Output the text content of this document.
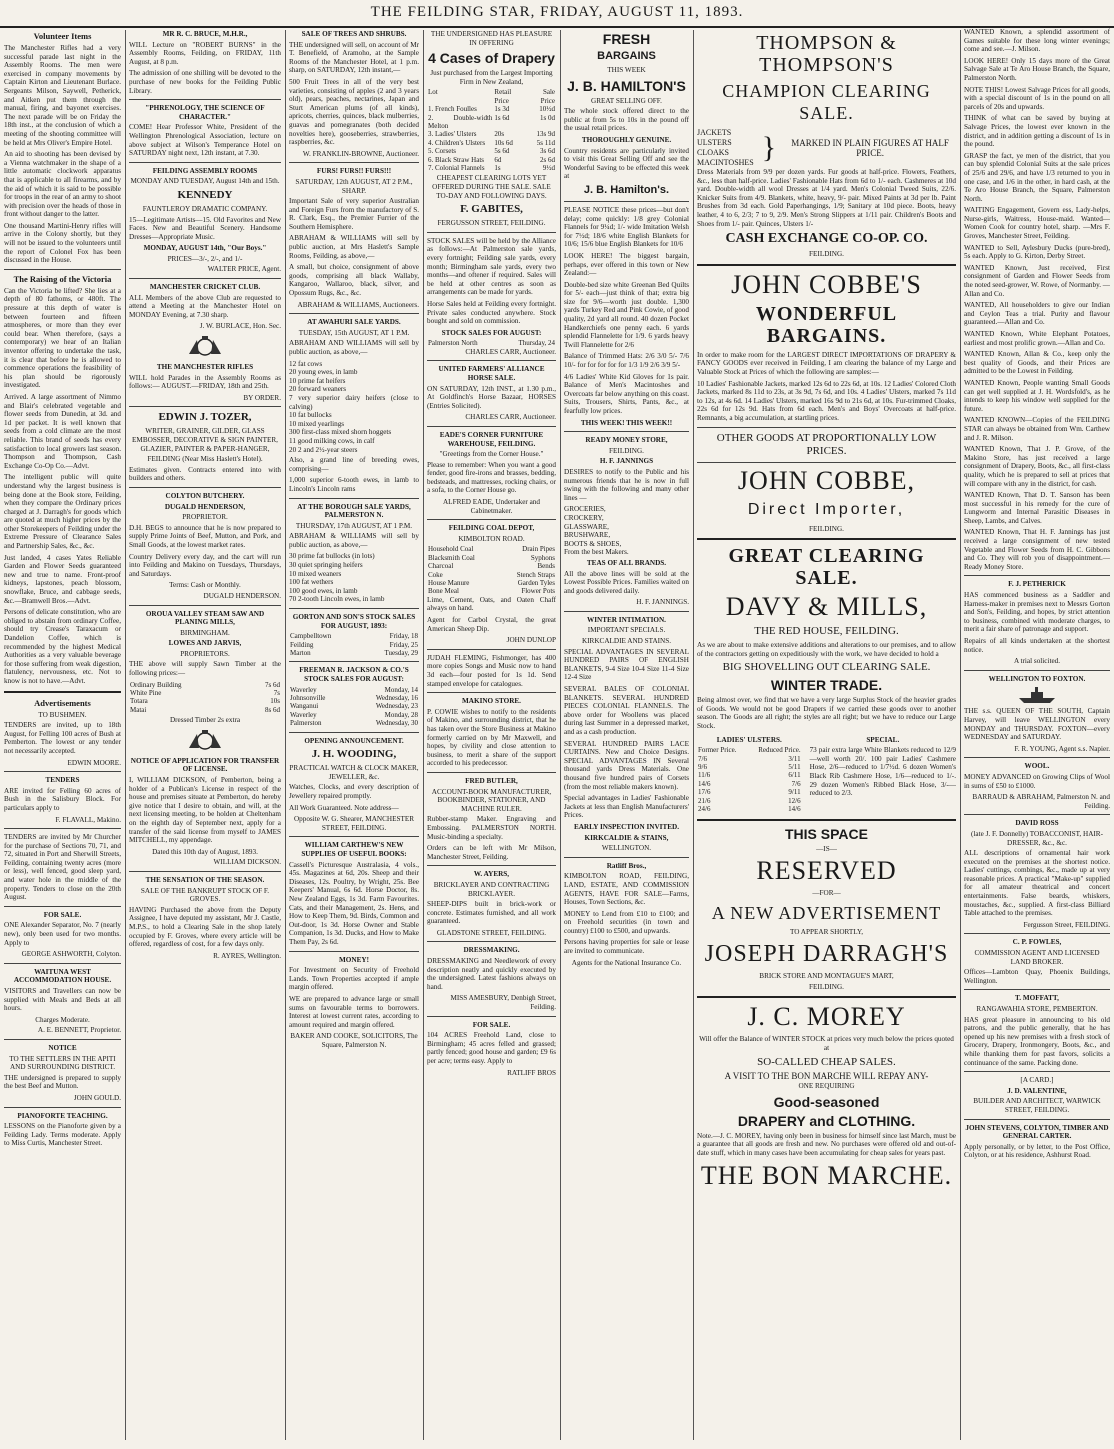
THE FEILDING STAR, FRIDAY, AUGUST 11, 1893.
Volunteer Items

The Manchester Rifles had a very successful parade last night in the Assembly Rooms. The men were exercised in company movements by Captain Kirton and Lieutenant Burlace. Sergeants Milson, Saywell, Petherick, and Aitken put them through the manual, firing, and bayonet exercises. The next parade will be on Friday the 18th inst., at the conclusion of which a meeting of the shooting committee will be held at Mrs Oliver's Empire Hotel.

An aid to shooting has been devised by a Vienna watchmaker in the shape of a little automatic clockwork apparatus that is applicable to all firearms, and by the aid of which it is said to be possible for troops in the rear of an army to shoot with precision over the heads of those in front without danger to the latter.

One thousand Martini-Henry rifles will arrive in the Colony shortly, but they will not be issued to the volunteers until the report of Colonel Fox has been discussed in the House.

The Raising of the Victoria

Can the Victoria be lifted? She lies at a depth of 80 fathoms, or 480ft. The pressure at this depth of water is between fourteen and fifteen atmospheres, or more than they ever could bear. When therefore, (says a contemporary) we hear of an Italian inventor offering to undertake the task, it is clear that before he is allowed to commence operations the feasibility of his plan should be rigorously investigated.

Arrived. A large assortment of Nimmo and Blair's celebrated vegetable and flower seeds from Dunedin, at 3d. and 1d per packet. It is well known that seeds from a cold climate are the most reliable. This brand of seeds has every satisfaction to local growers last season. Thompson and Thompson, Cash Exchange Co-Op Co.—Advt.

The intelligent public will quite understand why the largest business is being done at the Book store, Feilding, when they compare the Ordinary prices charged at J. Darragh's for goods which are quoted at much higher prices by the other Storekeepers of Feilding under the Extreme Pressure of Clearance Sales and Partnership Sales, &c., &c.

Just landed, 4 cases Yates Reliable Garden and Flower Seeds guaranteed new and true to name. Front-proof kidneys, lapstones, peach blossom, snowflake, Bruce, and cabbage seeds, &c.—Bramwell Bros.—Advt.

Persons of delicate constitution, who are obliged to abstain from ordinary Coffee, should try Crease's Taraxacum or Dandelion Coffee, which is recommended by the highest Medical Authorities as a very valuable beverage for those suffering from weak digestion, flatulency, nervousness, etc. Not to know is not to have.—Advt.

Advertisements
TO BUSHMEN.

TENDERS are invited, up to 18th August, for Felling 100 acres of Bush at Pemberton. The lowest or any tender not necessarily accepted.

EDWIN MOORE.
TENDERS

ARE invited for Felling 60 acres of Bush in the Salisbury Block. For particulars apply to

F. FLAVALL, Makino.

TENDERS are invited by Mr Churcher for the purchase of Sections 70, 71, and 72, situated in Port and Sherwill Streets, Feilding, containing twenty acres (more or less), well fenced, good sleep yard, and water hole in the middle of the property. Tenders to close on the 20th August.

FOR SALE.

ONE Alexander Separator, No. 7 (nearly new), only been used for two months. Apply to

GEORGE ASHWORTH, Colyton.
WAITUNA WEST ACCOMMODATION HOUSE.

VISITORS and Travellers can now be supplied with Meals and Beds at all hours.

Charges Moderate.
A. E. BENNETT, Proprietor.
NOTICE
TO THE SETTLERS IN THE APITI AND SURROUNDING DISTRICT.

THE undersigned is prepared to supply the best Beef and Mutton.

JOHN GOULD.
PIANOFORTE TEACHING.

LESSONS on the Pianoforte given by a Feilding Lady. Terms moderate. Apply to Miss Curtis, Manchester Street.

MR R. C. BRUCE, M.H.R.,

WILL Lecture on "ROBERT BURNS" in the Assembly Rooms, Feilding, on FRIDAY, 11th August, at 8 p.m.

The admission of one shilling will be devoted to the purchase of new books for the Feilding Public Library.

"PHRENOLOGY, THE SCIENCE OF CHARACTER."

COME! Hear Professor White, President of the Wellington Phrenological Association, lecture on above subject at Wilson's Temperance Hotel on SATURDAY night next, 12th instant, at 7.30.

FEILDING ASSEMBLY ROOMS
MONDAY AND TUESDAY, August 14th and 15th.
KENNEDY
FAUNTLEROY DRAMATIC COMPANY.

15—Legitimate Artists—15. Old Favorites and New Faces. New and Beautiful Scenery. Handsome Dresses—Appropriate Music.

MONDAY, AUGUST 14th, "Our Boys."
PRICES—3/-, 2/-, and 1/-
WALTER PRICE, Agent.
MANCHESTER CRICKET CLUB.

ALL Members of the above Club are requested to attend a Meeting at the Manchester Hotel on MONDAY Evening, at 7.30 sharp.

J. W. BURLACE, Hon. Sec.
THE MANCHESTER RIFLES

WILL hold Parades in the Assembly Rooms as follows:— AUGUST.—FRIDAY, 18th and 25th.

BY ORDER.
EDWIN J. TOZER,
WRITER, GRAINER, GILDER, GLASS EMBOSSER, DECORATIVE & SIGN PAINTER, GLAZIER, PAINTER & PAPER-HANGER,
FEILDING (Near Miss Haslett's Hotel).

Estimates given. Contracts entered into with builders and others.

COLYTON BUTCHERY.
DUGALD HENDERSON,
PROPRIETOR.

D.H. BEGS to announce that he is now prepared to supply Prime Joints of Beef, Mutton, and Pork, and Small Goods, at the lowest market rates.

Country Delivery every day, and the cart will run into Feilding and Makino on Tuesdays, Thursdays, and Saturdays.

Terms: Cash or Monthly.
DUGALD HENDERSON.
OROUA VALLEY STEAM SAW AND PLANING MILLS,
BIRMINGHAM.
LOWES AND JARVIS,
PROPRIETORS.

THE above will supply Sawn Timber at the following prices:—

Ordinary Building	7s 6d
White Pine	7s
Totara	10s
Matai	8s 6d
Dressed Timber 2s extra
NOTICE OF APPLICATION FOR TRANSFER OF LICENSE.

I, WILLIAM DICKSON, of Pemberton, being a holder of a Publican's License in respect of the house and premises situate at Pemberton, do hereby give notice that I desire to obtain, and will, at the next licensing meeting, to be holden at Cheltenham on the eighth day of September next, apply for a transfer of the said license from myself to JAMES MITCHELL, my appendage.

Dated this 10th day of August, 1893.
WILLIAM DICKSON.
THE SENSATION OF THE SEASON.
SALE OF THE BANKRUPT STOCK OF F. GROVES.

HAVING Purchased the above from the Deputy Assignee, I have deputed my assistant, Mr J. Castle, M.P.S., to hold a Clearing Sale in the shop lately occupied by F. Groves, where every article will be offered, regardless of cost, for a few days only.

R. AYRES, Wellington.
SALE OF TREES AND SHRUBS.

THE undersigned will sell, on account of Mr T. Benefield, of Aramoho, at the Sample Rooms of the Manchester Hotel, at 1 p.m. sharp, on SATURDAY, 12th instant,—

500 Fruit Trees in all of the very best varieties, consisting of apples (2 and 3 years old), pears, peaches, nectarines, Japan and Sturt American plums (of all kinds), apricots, cherries, quinces, black mulberries, guavas and pomegranates (both decided novelties here), gooseberries, strawberries, raspberries, &c.

W. FRANKLIN-BROWNE, Auctioneer.
FURS! FURS!! FURS!!!
SATURDAY, 12th AUGUST, AT 2 P.M., SHARP.

Important Sale of very superior Australian and Foreign Furs from the manufactory of S. R. Clark, Esq., the Premier Furrier of the Southern Hemisphere.

ABRAHAM & WILLIAMS will sell by public auction, at Mrs Haslett's Sample Rooms, Feilding, as above,—

A small, but choice, consignment of above goods, comprising all black Wallaby, Kangaroo, Wallaroo, black, silver, and Opossum Rugs, &c., &c.

ABRAHAM & WILLIAMS, Auctioneers.
AT AWAHURI SALE YARDS.
TUESDAY, 15th AUGUST, AT 1 P.M.

ABRAHAM AND WILLIAMS will sell by public auction, as above,—

12 fat cows
20 young ewes, in lamb
10 prime fat heifers
20 forward weaners
7 very superior dairy heifers (close to calving)
10 fat bullocks
10 mixed yearlings
300 first-class mixed shorn hoggets
11 good milking cows, in calf
20 2 and 2½-year steers

Also, a grand line of breeding ewes, comprising—

1,000 superior 6-tooth ewes, in lamb to Lincoln's Lincoln rams

AT THE BOROUGH SALE YARDS, PALMERSTON N.
THURSDAY, 17th AUGUST, AT 1 P.M.

ABRAHAM & WILLIAMS will sell by public auction, as above,—

30 prime fat bullocks (in lots)
30 quiet springing heifers
10 mixed weaners
100 fat wethers
100 good ewes, in lamb
70 2-tooth Lincoln ewes, in lamb
GORTON AND SON'S STOCK SALES FOR AUGUST, 1893:
Campbelltown	Friday, 18
Feilding	Friday, 25
Marton	Tuesday, 29
FREEMAN R. JACKSON & CO.'S STOCK SALES FOR AUGUST:
Waverley	Monday, 14
Johnsonville	Wednesday, 16
Wanganui	Wednesday, 23
Waverley	Monday, 28
Palmerston	Wednesday, 30
OPENING ANNOUNCEMENT.
J. H. WOODING,
PRACTICAL WATCH & CLOCK MAKER, JEWELLER, &c.

Watches, Clocks, and every description of Jewellery repaired promptly.

All Work Guaranteed. Note address—

Opposite W. G. Shearer, MANCHESTER STREET, FEILDING.
WILLIAM CARTHEW'S NEW SUPPLIES OF USEFUL BOOKS:

Cassell's Picturesque Australasia, 4 vols., 45s. Magazines at 6d, 20s. Sheep and their Diseases, 12s. Poultry, by Wright, 25s. Bee Keepers' Manual, 6s 6d. Horse Doctor, 8s. New Zealand Eggs, 1s 3d. Farm Favourites. Cats, and their Management, 2s. Hens, and How to Keep Them, 9d. Birds, Common and Out-door, 1s 3d. Horse Owner and Stable Companion, 1s 3d. Ducks, and How to Make Them Pay, 2s 6d.

MONEY!

For Investment on Security of Freehold Lands. Town Properties accepted if ample margin offered.

WE are prepared to advance large or small sums on favourable terms to borrowers. Interest at lowest current rates, according to amount required and margin offered.

BAKER AND COOKE, SOLICITORS, The Square, Palmerston N.
THE UNDERSIGNED HAS PLEASURE IN OFFERING
4 Cases of Drapery
Just purchased from the Largest Importing Firm in New Zealand,
Lot	Retail Price	Sale Price
1. French Foulles	1s 3d	10½d
2. Double-width Melton	1s 6d	1s 0d
3. Ladies' Ulsters	20s	13s 9d
4. Children's Ulsters	10s 6d	5s 11d
5. Corsets	5s 6d	3s 6d
6. Black Straw Hats	6d	2s 6d
7. Colonial Flannels	1s	9½d
CHEAPEST CLEARING LOTS YET OFFERED DURING THE SALE. SALE TO-DAY AND FOLLOWING DAYS.
F. GABITES,
FERGUSSON STREET, FEILDING.

STOCK SALES will be held by the Alliance as follows:—At Palmerston sale yards, every fortnight; Feilding sale yards, every month; Birmingham sale yards, every two months—and oftener if required. Sales will be held at other centres as soon as arrangements can be made for yards.

Horse Sales held at Feilding every fortnight. Private sales conducted anywhere. Stock bought and sold on commission.

STOCK SALES FOR AUGUST:
Palmerston North	Thursday, 24
CHARLES CARR, Auctioneer.
UNITED FARMERS' ALLIANCE HORSE SALE.

ON SATURDAY, 12th INST., at 1.30 p.m., At Goldfinch's Horse Bazaar, HORSES (Entries Solicited).

CHARLES CARR, Auctioneer.
EADE'S CORNER FURNITURE WAREHOUSE, FEILDING.
"Greetings from the Corner House."

Please to remember: When you want a good fender, good fire-irons and brasses, bedding, bedsteads, and mattresses, rocking chairs, or a sofa, to the Corner House go.

ALFRED EADE, Undertaker and Cabinetmaker.
FEILDING COAL DEPOT,
KIMBOLTON ROAD.
Household Coal	Drain Pipes
Blacksmith Coal	Syphons
Charcoal	Bends
Coke	Stench Straps
House Manure	Garden Tyles
Bone Meal	Flower Pots

Lime, Cement, Oats, and Oaten Chaff always on hand.

Agent for Carbol Crystal, the great American Sheep Dip.

JOHN DUNLOP

JUDAH FLEMING, Fishmonger, has 400 more copies Songs and Music now to hand 3d each—four posted for 1s 1d. Send stamped envelope for catalogues.

MAKINO STORE.

P. COWIE wishes to notify to the residents of Makino, and surrounding district, that he has taken over the Store Business at Makino formerly carried on by Mr Maxwell, and hopes, by civility and close attention to business, to merit a share of the support accorded to his predecessor.

FRED BUTLER,
ACCOUNT-BOOK MANUFACTURER, BOOKBINDER, STATIONER, AND MACHINE RULER.

Rubber-stamp Maker. Engraving and Embossing. PALMERSTON NORTH. Music-binding a specialty.

Orders can be left with Mr Milson, Manchester Street, Feilding.

W. AYERS,
BRICKLAYER AND CONTRACTING BRICKLAYER.

SHEEP-DIPS built in brick-work or concrete. Estimates furnished, and all work guaranteed.

GLADSTONE STREET, FEILDING.
DRESSMAKING.

DRESSMAKING and Needlework of every description neatly and quickly executed by the undersigned. Latest fashions always on hand.

MISS AMESBURY, Denbigh Street, Feilding.
FOR SALE.

104 ACRES Freehold Land, close to Birmingham; 45 acres felled and grassed; partly fenced; good house and garden; £9 6s per acre; terms easy. Apply to

RATLIFF BROS
FRESH
BARGAINS
THIS WEEK
J. B. HAMILTON'S
GREAT SELLING OFF.

The whole stock offered direct to the public at from 5s to 10s in the pound off the usual retail prices.

THOROUGHLY GENUINE.

Country residents are particularly invited to visit this Great Selling Off and see the Wonderful Saving to be effected this week at

J. B. Hamilton's.

PLEASE NOTICE these prices—but don't delay; come quickly: 1/8 grey Colonial Flannels for 9¼d; 1/- wide Imitation Welsh for 7½d; 18/6 white English Blankets for 10/6; 15/6 blue English Blankets for 10/6

LOOK HERE! The biggest bargain, perhaps, ever offered in this town or New Zealand:—

Double-bed size white Greenan Bed Quilts for 5/- each—just think of that; extra big size for 9/6—worth just double. 1,300 yards Turkey Red and Pink Cowie, of good quality, 2d yard all round. 40 dozen Pocket Handkerchiefs one penny each. 6 yards splendid Flannelette for 1/9. 6 yards heavy Twill Flannelette for 2/6

Balance of Trimmed Hats: 2/6 3/0 5/- 7/6 10/- for for for for for 1/3 1/9 2/6 3/9 5/-

4/6 Ladies' White Kid Gloves for 1s pair. Balance of Men's Macintoshes and Overcoats far below anything on this coast. Suits, Trousers, Shirts, Pants, &c., at fearfully low prices.

THIS WEEK! THIS WEEK!!
READY MONEY STORE,
FEILDING.
H. F. JANNINGS

DESIRES to notify to the Public and his numerous friends that he is now in full swing with the following and many other lines —

GROCERIES,
CROCKERY,
GLASSWARE,
BRUSHWARE,
BOOTS & SHOES,
From the best Makers.
TEAS OF ALL BRANDS.

All the above lines will be sold at the Lowest Possible Prices. Families waited on and goods delivered daily.

H. F. JANNINGS.
WINTER INTIMATION.
IMPORTANT SPECIALS.
KIRKCALDIE AND STAINS.

SPECIAL ADVANTAGES IN SEVERAL HUNDRED PAIRS OF ENGLISH BLANKETS, 9-4 Size 10-4 Size 11-4 Size 12-4 Size

SEVERAL BALES OF COLONIAL BLANKETS. SEVERAL HUNDRED PIECES COLONIAL FLANNELS. The above order for Woollens was placed during last Summer in a depressed market, and as a cash production.

SEVERAL HUNDRED PAIRS LACE CURTAINS. New and Choice Designs. SPECIAL ADVANTAGES IN Several thousand yards Dress Materials. One thousand five hundred pairs of Corsets (from the most reliable makers known).

Special advantages in Ladies' Fashionable Jackets at less than English Manufacturers' Prices.

EARLY INSPECTION INVITED.
KIRKCALDIE & STAINS,
WELLINGTON.
Ratliff Bros.,

KIMBOLTON ROAD, FEILDING, LAND, ESTATE, AND COMMISSION AGENTS, HAVE FOR SALE—Farms, Houses, Town Sections, &c.

MONEY to Lend from £10 to £100; and on Freehold securities (in town and country) £100 to £500, and upwards.

Persons having properties for sale or lease are invited to communicate.

Agents for the National Insurance Co.
THOMPSON & THOMPSON'S
CHAMPION CLEARING SALE.
JACKETS
ULSTERS
CLOAKS
MACINTOSHES }	MARKED IN PLAIN FIGURES AT HALF PRICE.

Dress Materials from 9/9 per dozen yards. Fur goods at half-price. Flowers, Feathers, &c., less than half-price. Ladies' Fashionable Hats from 6d to 1/- each. Cashmeres at 10d yard. Double-width all wool Dresses at 1/4 yard. Men's Colonial Tweed Suits, 22/6. Knicker Suits from 4/9. Blankets, white, heavy, 9/- pair. Mixed Paints at 3d per lb. Paint Brushes from 3d each. Gold Paperhangings, 1/9; Sanitary at 10d piece. Boots, heavy leather, 4 to 6, 2/3; 7 to 9, 2/9. Men's Strong Slippers at 1/11 pair. Children's Boots and Shoes from 1/- pair. Quinces, Ulsters 1/-

CASH EXCHANGE CO-OP. CO.
FEILDING.
JOHN COBBE'S
WONDERFUL BARGAINS.

In order to make room for the LARGEST DIRECT IMPORTATIONS OF DRAPERY & FANCY GOODS ever received in Feilding, I am clearing the balance of my Large and Valuable Stock at Prices of which the following are samples:—

10 Ladies' Fashionable Jackets, marked 12s 6d to 22s 6d, at 10s. 12 Ladies' Colored Cloth Jackets, marked 8s 11d to 23s, at 3s 9d, 7s 6d, and 10s. 4 Ladies' Ulsters, marked 7s 11d to 12s, at 4s 6d. 14 Ladies' Ulsters, marked 16s 9d to 21s 6d, at 10s. Fur-trimmed Cloaks, 22s 6d for 12s 9d. Hats from 6d each. Men's and Boys' Overcoats at half-price. Remnants, a big accumulation, at startling prices.

OTHER GOODS AT PROPORTIONALLY LOW PRICES.
JOHN COBBE,
Direct Importer,
FEILDING.
GREAT CLEARING SALE.
DAVY & MILLS,
THE RED HOUSE, FEILDING.

As we are about to make extensive additions and alterations to our premises, and to allow of the contractors getting on expeditiously with the work, we have decided to hold a

BIG SHOVELLING OUT CLEARING SALE.
WINTER TRADE.

Being almost over, we find that we have a very large Surplus Stock of the heavier grades of Goods. We would not be good Drapers if we carried these goods over to another season. The Goods are all right; the styles are all right; but we have to reduce our Large Stock.

LADIES' ULSTERS.
Former Price.	Reduced Price.
7/6	3/11
9/6	5/11
11/6	6/11
14/6	7/6
17/6	9/11
21/6	12/6
24/6	14/6
SPECIAL.

73 pair extra large White Blankets reduced to 12/9—well worth 20/. 100 pair Ladies' Cashmere Hose, 2/6—reduced to 1/7½d. 6 dozen Women's Black Rib Cashmere Hose, 1/6—reduced to 1/-. 29 dozen Women's Ribbed Black Hose, 3/-—reduced to 2/3.

THIS SPACE
—IS—
RESERVED
—FOR—
A NEW ADVERTISEMENT
TO APPEAR SHORTLY,
JOSEPH DARRAGH'S
BRICK STORE AND MONTAGUE'S MART,
FEILDING.
J. C. MOREY

Will offer the Balance of WINTER STOCK at prices very much below the prices quoted at

SO-CALLED CHEAP SALES.
A VISIT TO THE BON MARCHE WILL REPAY ANY-
ONE REQUIRING
Good-seasoned
DRAPERY and CLOTHING.

Note.—J. C. MOREY, having only been in business for himself since last March, must be a guarantee that all goods are fresh and new. No purchases were offered old and out-of-date stuff, which in many cases have been accumulating for cheap sales for years past.

THE BON MARCHE.

WANTED Known, a splendid assortment of Games suitable for these long winter evenings; come and see.—J. Milson.

LOOK HERE! Only 15 days more of the Great Salvage Sale at Te Aro House Branch, the Square, Palmerston North.

NOTE THIS! Lowest Salvage Prices for all goods, with a special discount of 1s in the pound on all parcels of 20s and upwards.

THINK of what can be saved by buying at Salvage Prices, the lowest ever known in the district, and in addition getting a discount of 1s in the pound.

GRASP the fact, ye men of the district, that you can buy splendid Colonial Suits at the sale prices of 25/6 and 29/6, and have 1/3 returned to you in one case, and 1/6 in the other, in hard cash, at the Te Aro House Branch, the Square, Palmerston North.

WAITING Engagement, Govern ess, Lady-helps, Nurse-girls, Waitress, House-maid. Wanted—Women Cook for country hotel, sharp. —Mrs F. Groves, Manchester Street, Feilding.

WANTED to Sell, Aylesbury Ducks (pure-bred), 5s each. Apply to G. Kirton, Derby Street.

WANTED Known, Just received, First consignment of Garden and Flower Seeds from the noted seed-grower, W. Rowe, of Normanby. —Allan and Co.

WANTED, All householders to give our Indian and Ceylon Teas a trial. Purity and flavour guaranteed.—Allan and Co.

WANTED Known, White Elephant Potatoes, earliest and most prolific grown.—Allan and Co.

WANTED Known, Allan & Co., keep only the best quality of Goods, and their Prices are admitted to be the Lowest in Feilding.

WANTED Known, People wanting Small Goods can get well supplied at J. H. Wordsfold's, as he intends to keep his window well supplied for the future.

WANTED KNOWN—Copies of the FEILDING STAR can always be obtained from Wm. Carthew and J. R. Milson.

WANTED Known, That J. P. Grove, of the Makino Store, has just received a large consignment of Drapery, Boots, &c., all first-class quality, which he is prepared to sell at prices that will compare with any in the district, for cash.

WANTED Known, That D. T. Sanson has been most successful in his remedy for the cure of Lungworm and Internal Parasitic Diseases in Sheep, Lambs, and Calves.

WANTED Known, That H. F. Jannings has just received a large consignment of new tested Vegetable and Flower Seeds from H. C. Gibbons and Co. They will rob you of disappointment.—Ready Money Store.

F. J. PETHERICK

HAS commenced business as a Saddler and Harness-maker in premises next to Messrs Gorton and Son's, Feilding, and hopes, by strict attention to business, combined with moderate charges, to merit a fair share of patronage and support.

Repairs of all kinds undertaken at the shortest notice.

A trial solicited.
WELLINGTON TO FOXTON.

THE s.s. QUEEN OF THE SOUTH, Captain Harvey, will leave WELLINGTON every MONDAY and THURSDAY. FOXTON—every WEDNESDAY and SATURDAY.

F. R. YOUNG, Agent s.s. Napier.
WOOL.

MONEY ADVANCED on Growing Clips of Wool in sums of £50 to £1000.

BARRAUD & ABRAHAM, Palmerston N. and Feilding.
DAVID ROSS
(late J. F. Donnelly) TOBACCONIST, HAIR-DRESSER, &c., &c.

ALL descriptions of ornamental hair work executed on the premises at the shortest notice. Ladies' cuttings, combings, &c., made up at very reasonable prices. A practical "Make-up" supplied for all amateur theatrical and concert entertainments. False beards, whiskers, moustaches, &c., supplied. A first-class Billiard Table attached to the premises.

Fergusson Street, FEILDING.
C. P. FOWLES,
COMMISSION AGENT AND LICENSED LAND BROKER.

Offices—Lambton Quay, Phoenix Buildings, Wellington.

T. MOFFATT,
RANGAWAHIA STORE, PEMBERTON.

HAS great pleasure in announcing to his old patrons, and the public generally, that he has opened up his new premises with a fresh stock of Grocery, Drapery, Ironmongery, Boots, &c., and while thanking them for past favors, solicits a continuance of the same. Packing done.

[A CARD.]
J. D. VALENTINE,
BUILDER AND ARCHITECT, WARWICK STREET, FEILDING.
JOHN STEVENS, COLYTON, TIMBER AND GENERAL CARTER.

Apply personally, or by letter, to the Post Office, Colyton, or at his residence, Ashhurst Road.
